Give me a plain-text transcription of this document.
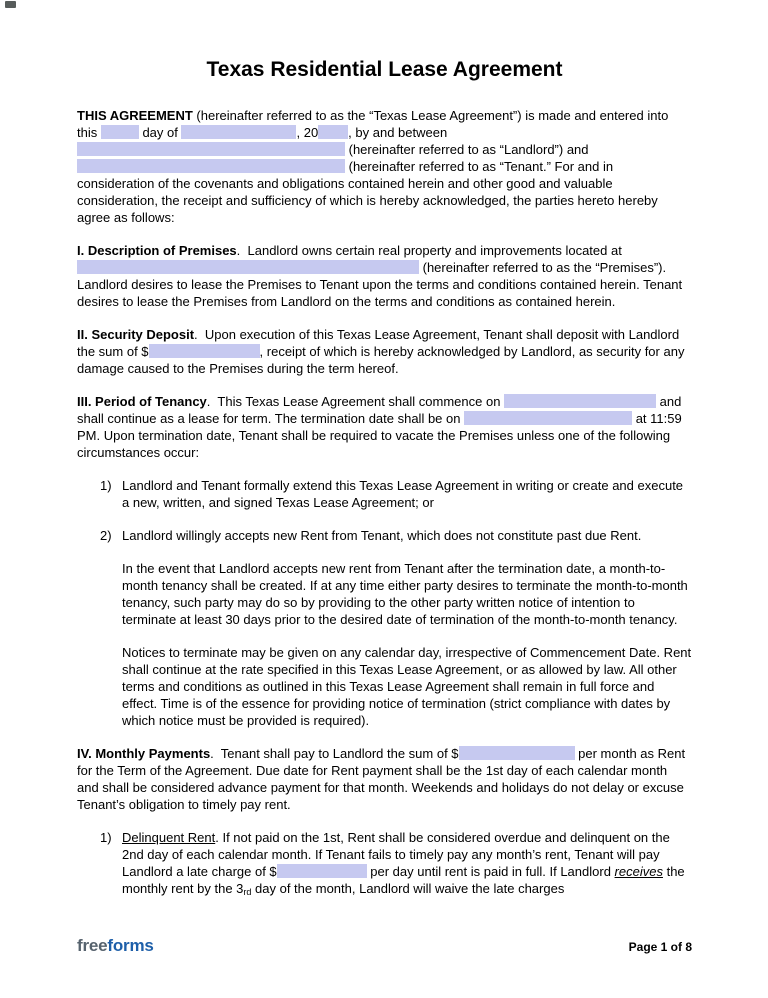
Texas Residential Lease Agreement

THIS AGREEMENT (hereinafter referred to as the “Texas Lease Agreement”) is made and entered into this	day of	, 20 , by and between  (hereinafter referred to as “Landlord”) and  (hereinafter referred to as “Tenant.” For and in consideration of the covenants and obligations contained herein and other good and valuable consideration, the receipt and sufficiency of which is hereby acknowledged, the parties hereto hereby agree as follows:

I. Description of Premises.  Landlord owns certain real property and improvements located at  (hereinafter referred to as the “Premises”). Landlord desires to lease the Premises to Tenant upon the terms and conditions contained herein. Tenant desires to lease the Premises from Landlord on the terms and conditions as contained herein.

II. Security Deposit.  Upon execution of this Texas Lease Agreement, Tenant shall deposit with Landlord the sum of $	, receipt of which is hereby acknowledged by Landlord, as security for any damage caused to the Premises during the term hereof.

III. Period of Tenancy.  This Texas Lease Agreement shall commence on	and shall continue as a lease for term. The termination date shall be on	at 11:59 PM. Upon termination date, Tenant shall be required to vacate the Premises unless one of the following circumstances occur:

1) Landlord and Tenant formally extend this Texas Lease Agreement in writing or create and execute a new, written, and signed Texas Lease Agreement; or
2) Landlord willingly accepts new Rent from Tenant, which does not constitute past due Rent.

In the event that Landlord accepts new rent from Tenant after the termination date, a month-to- month tenancy shall be created. If at any time either party desires to terminate the month-to-month tenancy, such party may do so by providing to the other party written notice of intention to terminate at least 30 days prior to the desired date of termination of the month-to-month tenancy.

Notices to terminate may be given on any calendar day, irrespective of Commencement Date. Rent shall continue at the rate specified in this Texas Lease Agreement, or as allowed by law. All other terms and conditions as outlined in this Texas Lease Agreement shall remain in full force and effect. Time is of the essence for providing notice of termination (strict compliance with dates by which notice must be provided is required).

IV. Monthly Payments.  Tenant shall pay to Landlord the sum of $	per month as Rent for the Term of the Agreement. Due date for Rent payment shall be the 1st day of each calendar month and shall be considered advance payment for that month. Weekends and holidays do not delay or excuse Tenant’s obligation to timely pay rent.

1) Delinquent Rent. If not paid on the 1st, Rent shall be considered overdue and delinquent on the 2nd day of each calendar month. If Tenant fails to timely pay any month’s rent, Tenant will pay Landlord a late charge of $	per day until rent is paid in full. If Landlord receives the monthly rent by the 3rd day of the month, Landlord will waive the late charges
freeforms	Page 1 of 8
